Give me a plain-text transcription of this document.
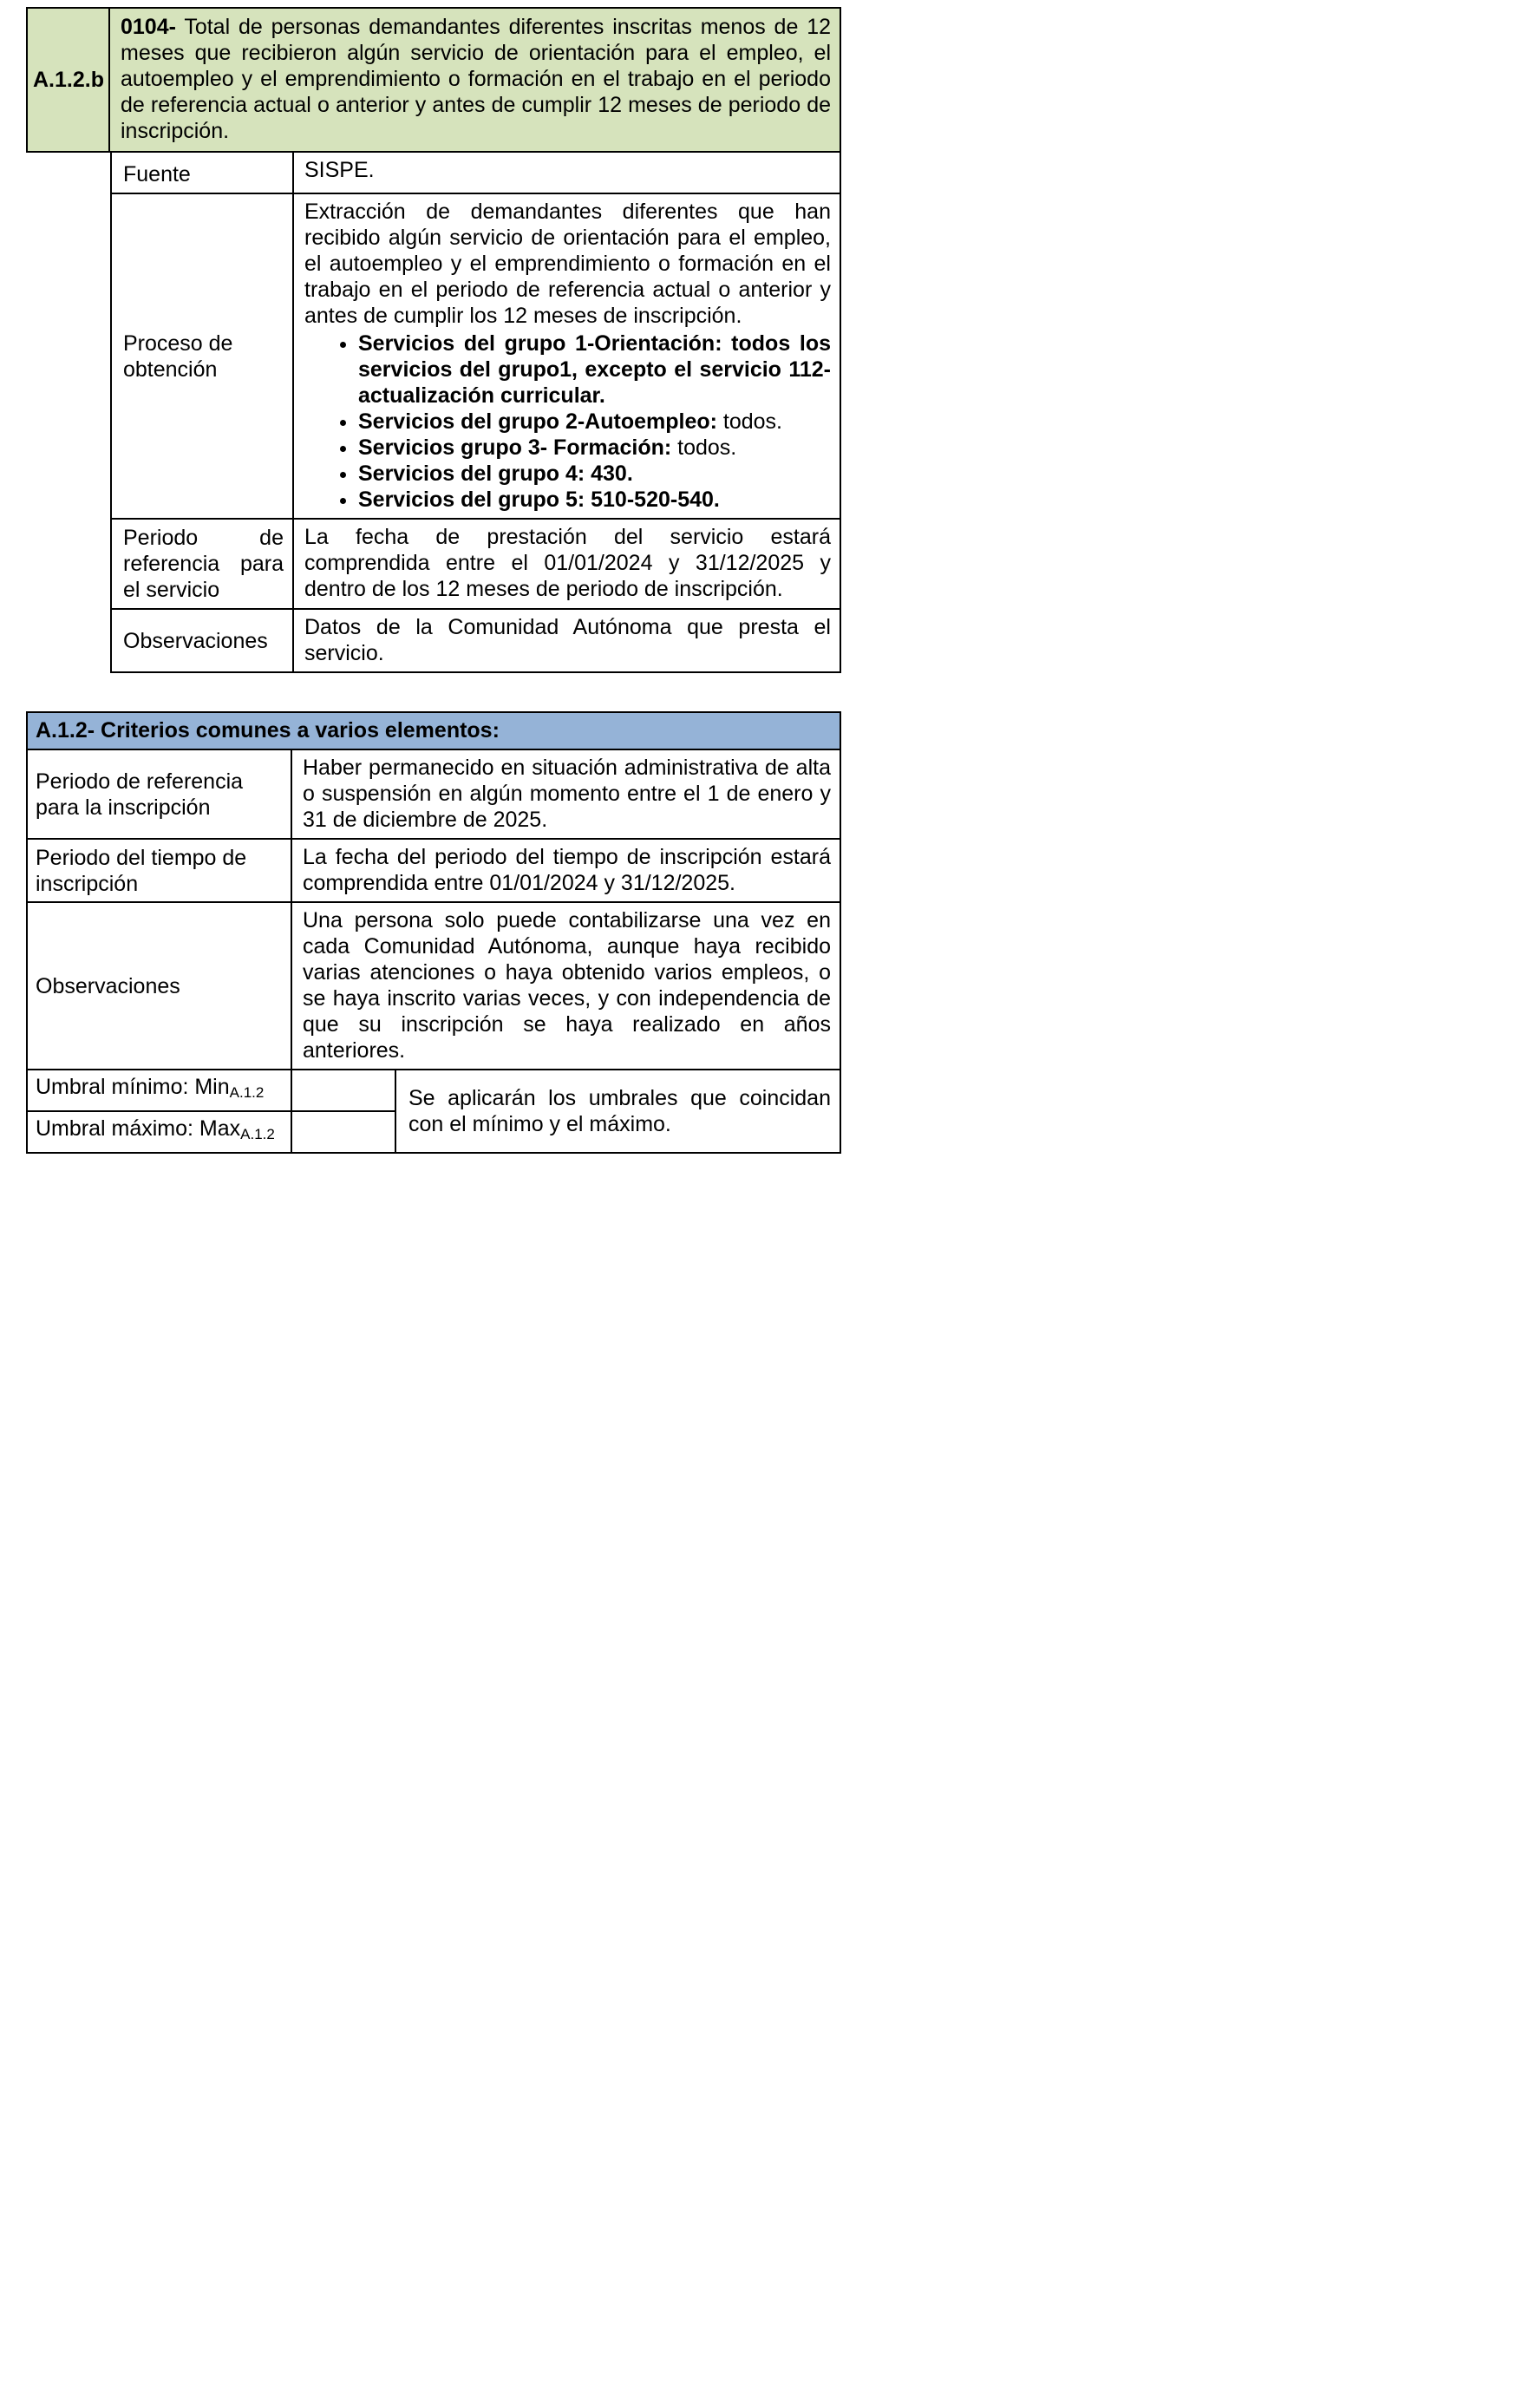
A.1.2.b
0104- Total de personas demandantes diferentes inscritas menos de 12 meses que recibieron algún servicio de orientación para el empleo, el autoempleo y el emprendimiento o formación en el trabajo en el periodo de referencia actual o anterior y antes de cumplir 12 meses de periodo de inscripción.
Fuente	SISPE.
Proceso de obtención
Extracción de demandantes diferentes que han recibido algún servicio de orientación para el empleo, el autoempleo y el emprendimiento o formación en el trabajo en el periodo de referencia actual o anterior y antes de cumplir los 12 meses de inscripción.
• Servicios del grupo 1-Orientación: todos los servicios del grupo1, excepto el servicio 112- actualización curricular.
• Servicios del grupo 2-Autoempleo: todos.
• Servicios grupo 3- Formación: todos.
• Servicios del grupo 4: 430.
• Servicios del grupo 5: 510-520-540.

Periodo de referencia para el servicio

La fecha de prestación del servicio estará comprendida entre el 01/01/2024 y 31/12/2025 y dentro de los 12 meses de periodo de inscripción.
Observaciones
Datos de la Comunidad Autónoma que presta el servicio.
A.1.2- Criterios comunes a varios elementos:
Periodo de referencia para la inscripción
Haber permanecido en situación administrativa de alta o suspensión en algún momento entre el 1 de enero y 31 de diciembre de 2025.
Periodo del tiempo de inscripción
La fecha del periodo del tiempo de inscripción estará comprendida entre 01/01/2024 y 31/12/2025.
Observaciones
Una persona solo puede contabilizarse una vez en cada Comunidad Autónoma, aunque haya recibido varias atenciones o haya obtenido varios empleos, o se haya inscrito varias veces, y con independencia de que su inscripción se haya realizado en años anteriores.
Umbral mínimo: MinA.1.2	Se aplicarán los umbrales que coincidan con el mínimo y el máximo.

Umbral máximo: MaxA.1.2
